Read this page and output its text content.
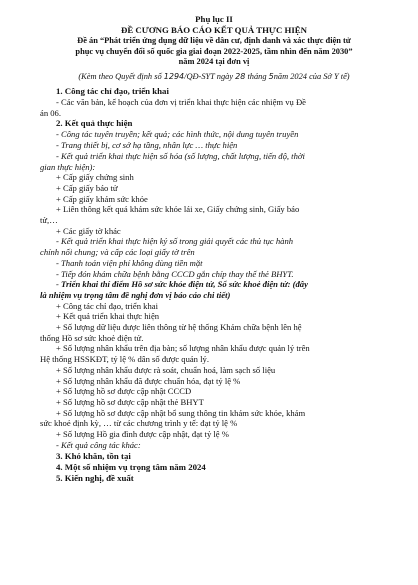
Phụ lục II

ĐỀ CƯƠNG BÁO CÁO KẾT QUẢ THỰC HIỆN

Đề án “Phát triển ứng dụng dữ liệu về dân cư, định danh và xác thực điện tử

phục vụ chuyển đổi số quốc gia giai đoạn 2022-2025, tầm nhìn đến năm 2030”

năm 2024 tại đơn vị

(Kèm theo Quyết định số 1294/QĐ-SYT ngày 28 tháng 5năm 2024 của Sở Y tế)

1. Công tác chỉ đạo, triển khai

- Các văn bản, kế hoạch của đơn vị triển khai thực hiện các nhiệm vụ Đề

án 06.

2. Kết quả thực hiện

- Công tác tuyên truyền; kết quả; các hình thức, nội dung tuyên truyền

- Trang thiết bị, cơ sở hạ tầng, nhân lực … thực hiện

- Kết quả triển khai thực hiện số hóa (số lượng, chất lượng, tiến độ, thời

gian thực hiện):

+ Cấp giấy chứng sinh

+ Cấp giấy báo tử

+ Cấp giấy khám sức khỏe

+ Liên thông kết quả khám sức khỏe lái xe, Giấy chứng sinh, Giấy báo

tử,…

+ Các giấy tờ khác

- Kết quả triển khai thực hiện kỷ số trong giải quyết các thủ tục hành

chính nối chung; và cấp các loại giấy tờ trên

- Thanh toán viện phí không dùng tiền mặt

- Tiếp đón khám chữa bệnh bằng CCCD gắn chíp thay thế thẻ BHYT.

- Triển khai thí điểm Hồ sơ sức khỏe điện tử, Sổ sức khoẻ điện tử: (đây

là nhiệm vụ trọng tâm đề nghị đơn vị báo cáo chi tiết)

+ Công tác chỉ đạo, triển khai

+ Kết quả triển khai thực hiện

+ Số lượng dữ liệu được liên thông từ hệ thống Khám chữa bệnh lên hệ

thống Hồ sơ sức khoẻ điện tử.

+ Số lượng nhân khẩu trên địa bàn; số lượng nhân khẩu được quản lý trên

Hệ thống HSSKĐT, tỷ lệ % dân số được quản lý.

+ Số lượng nhân khẩu được rà soát, chuẩn hoá, làm sạch số liệu

+ Số lượng nhân khẩu đã được chuẩn hóa, đạt tỷ lệ %

+ Số lượng hồ sơ được cập nhật CCCD

+ Số lượng hồ sơ được cập nhật thẻ BHYT

+ Số lượng hồ sơ được cập nhật bổ sung thông tin khám sức khỏe, khám

sức khoẻ định kỳ, … từ các chương trình y tế: đạt tỷ lệ %

+ Số lượng Hồ gia đình được cập nhật, đạt tỷ lệ %

- Kết quả công tác khác:

3. Khó khăn, tồn tại

4. Một số nhiệm vụ trọng tâm năm 2024

5. Kiến nghị, đề xuất
